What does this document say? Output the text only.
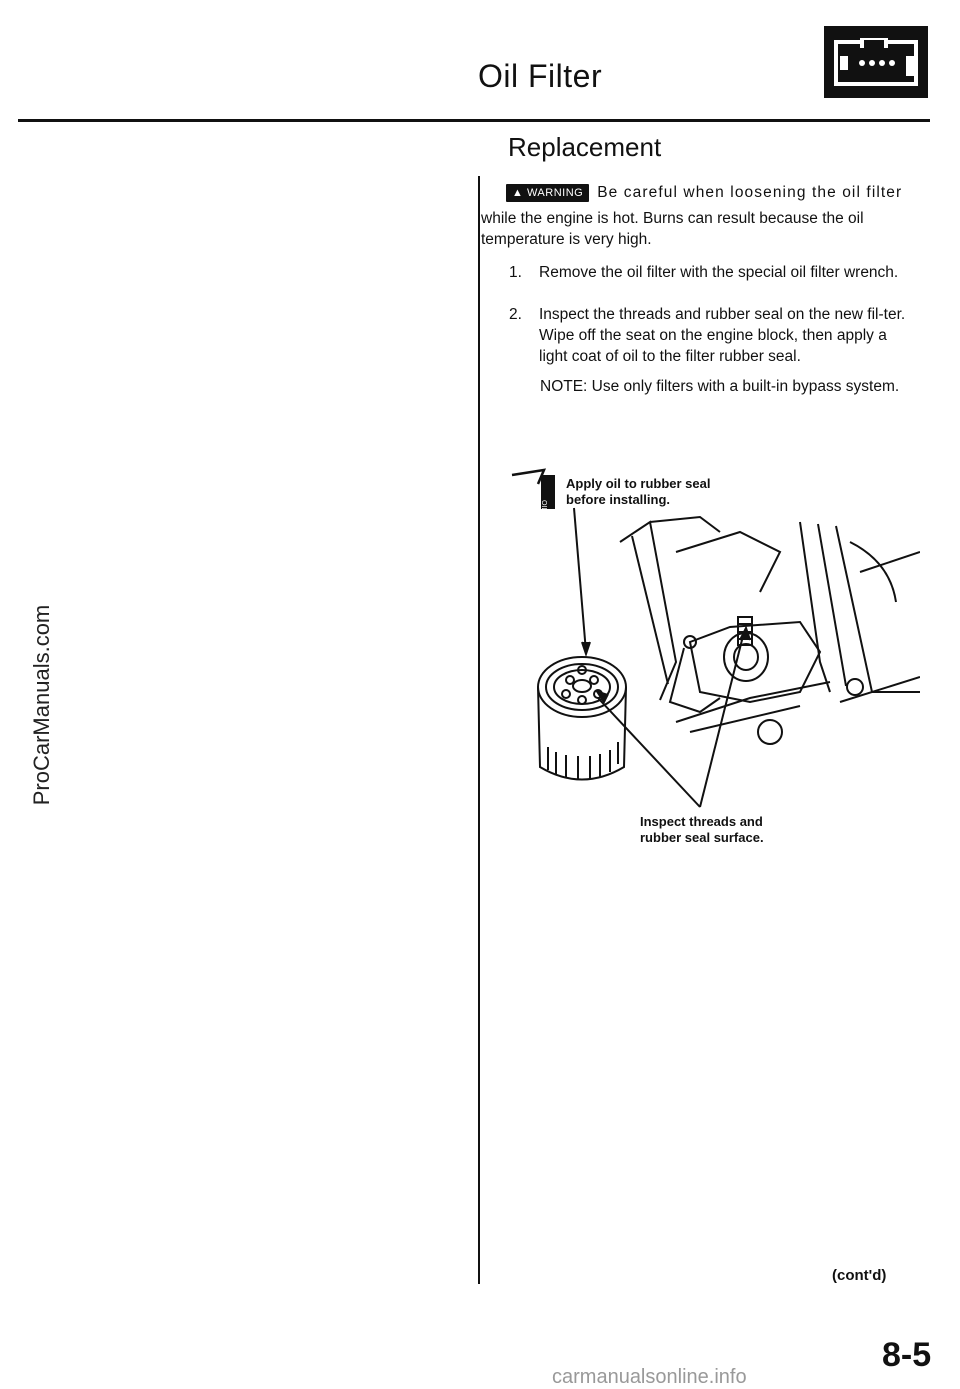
Oil Filter
Replacement
▲ WARNING Be careful when loosening the oil filter
while the engine is hot. Burns can result because the oil temperature is very high.
1. Remove the oil filter with the special oil filter wrench.
2. Inspect the threads and rubber seal on the new fil-ter. Wipe off the seat on the engine block, then apply a light coat of oil to the filter rubber seal.
NOTE: Use only filters with a built-in bypass system.
OIL
Apply oil to rubber seal
before installing.
Inspect threads and
rubber seal surface.
(cont'd)
8-5
ProCarManuals.com
carmanualsonline.info
